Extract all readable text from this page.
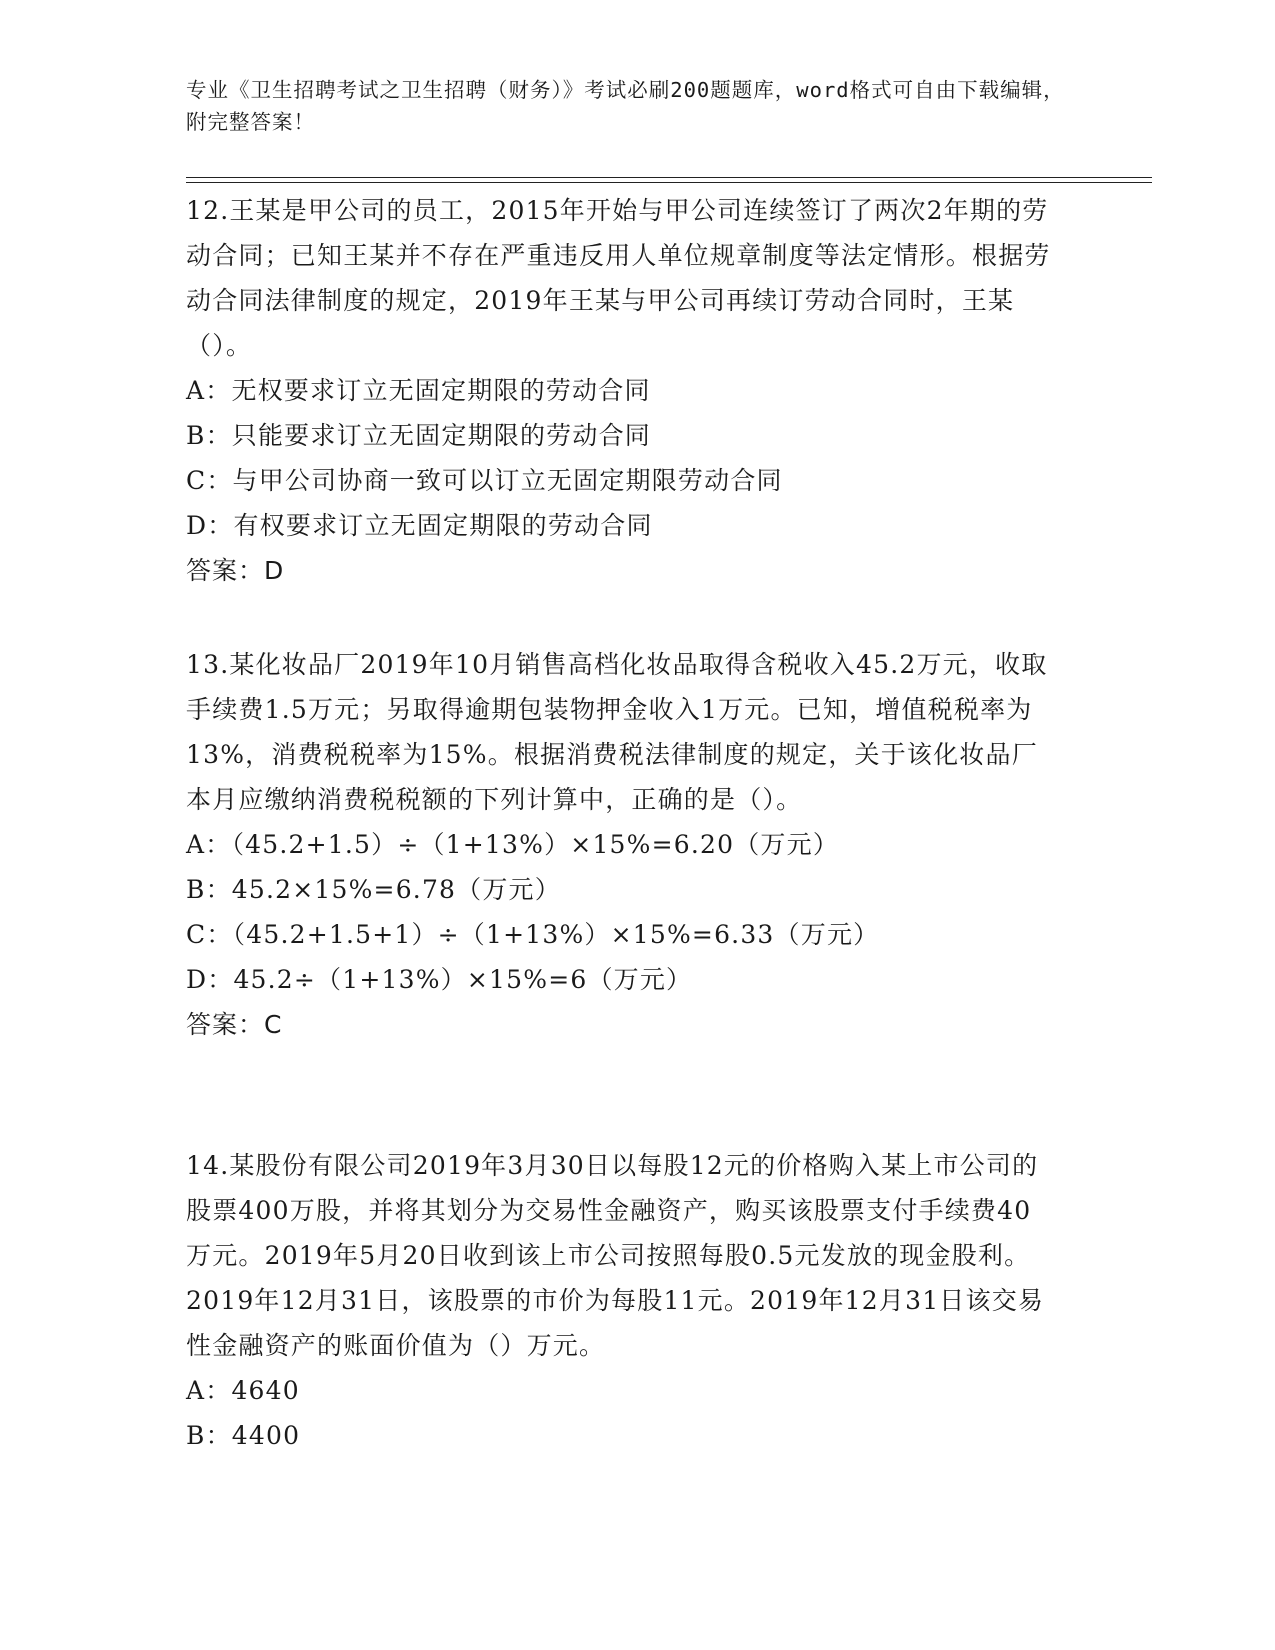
专业《卫生招聘考试之卫生招聘（财务）》考试必刷200题题库，word格式可自由下载编辑，附完整答案！

12.王某是甲公司的员工，2015年开始与甲公司连续签订了两次2年期的劳动合同；已知王某并不存在严重违反用人单位规章制度等法定情形。根据劳动合同法律制度的规定，2019年王某与甲公司再续订劳动合同时，王某（）。

A：无权要求订立无固定期限的劳动合同

B：只能要求订立无固定期限的劳动合同

C：与甲公司协商一致可以订立无固定期限劳动合同

D：有权要求订立无固定期限的劳动合同

答案：D

13.某化妆品厂2019年10月销售高档化妆品取得含税收入45.2万元，收取手续费1.5万元；另取得逾期包装物押金收入1万元。已知，增值税税率为13%，消费税税率为15%。根据消费税法律制度的规定，关于该化妆品厂本月应缴纳消费税税额的下列计算中，正确的是（）。

A：（45.2+1.5）÷（1+13%）×15%=6.20（万元）

B：45.2×15%=6.78（万元）

C：（45.2+1.5+1）÷（1+13%）×15%=6.33（万元）

D：45.2÷（1+13%）×15%=6（万元）

答案：C

14.某股份有限公司2019年3月30日以每股12元的价格购入某上市公司的股票400万股，并将其划分为交易性金融资产，购买该股票支付手续费40万元。2019年5月20日收到该上市公司按照每股0.5元发放的现金股利。2019年12月31日，该股票的市价为每股11元。2019年12月31日该交易性金融资产的账面价值为（）万元。

A：4640

B：4400
